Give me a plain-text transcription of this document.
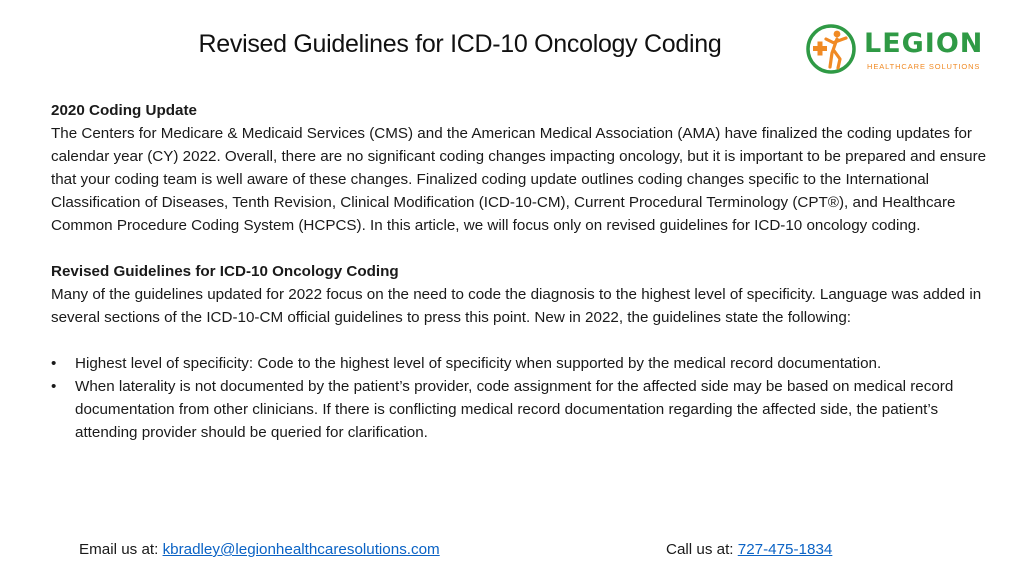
Revised Guidelines for ICD-10 Oncology Coding	LEGION
HEALTHCARE SOLUTIONS

2020 Coding Update

The Centers for Medicare & Medicaid Services (CMS) and the American Medical Association (AMA) have finalized the coding updates for calendar year (CY) 2022. Overall, there are no significant coding changes impacting oncology, but it is important to be prepared and ensure that your coding team is well aware of these changes. Finalized coding update outlines coding changes specific to the International Classification of Diseases, Tenth Revision, Clinical Modification (ICD-10-CM), Current Procedural Terminology (CPT®), and Healthcare Common Procedure Coding System (HCPCS). In this article, we will focus only on revised guidelines for ICD-10 oncology coding.

Revised Guidelines for ICD-10 Oncology Coding

Many of the guidelines updated for 2022 focus on the need to code the diagnosis to the highest level of specificity. Language was added in several sections of the ICD-10-CM official guidelines to press this point. New in 2022, the guidelines state the following:

• Highest level of specificity: Code to the highest level of specificity when supported by the medical record documentation.
• When laterality is not documented by the patient’s provider, code assignment for the affected side may be based on medical record documentation from other clinicians. If there is conflicting medical record documentation regarding the affected side, the patient’s attending provider should be queried for clarification.
Email us at: kbradley@legionhealthcaresolutions.com	Call us at: 727-475-1834
